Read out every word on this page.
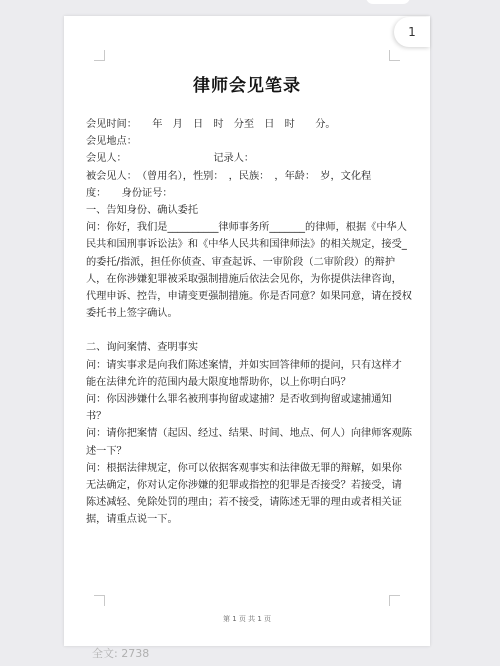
律师会见笔录
会见时间：　　年　月　日　时　分至　日　时　　分。
会见地点：
会见人：　　　　　　　　　记录人：
被会见人：　（曾用名），性别：　，民族：　，年龄：　岁，文化程
度：　　身份证号：
一、告知身份、确认委托
问：你好，我们是__________律师事务所_______的律师，根据《中华人
民共和国刑事诉讼法》和《中华人民共和国律师法》的相关规定，接受_
的委托/指派，担任你侦查、审查起诉、一审阶段（二审阶段）的辩护
人，在你涉嫌犯罪被采取强制措施后依法会见你，为你提供法律咨询，
代理申诉、控告，申请变更强制措施。你是否同意？如果同意，请在授权
委托书上签字确认。
二、询问案情、查明事实
问：请实事求是向我们陈述案情，并如实回答律师的提问，只有这样才
能在法律允许的范围内最大限度地帮助你，以上你明白吗？
问：你因涉嫌什么罪名被刑事拘留或逮捕？是否收到拘留或逮捕通知
书？
问：请你把案情（起因、经过、结果、时间、地点、何人）向律师客观陈
述一下？
问：根据法律规定，你可以依据客观事实和法律做无罪的辩解，如果你
无法确定，你对认定你涉嫌的犯罪或指控的犯罪是否接受？若接受，请
陈述减轻、免除处罚的理由；若不接受，请陈述无罪的理由或者相关证
据，请重点说一下。
第 1 页 共 1 页
1
全文: 2738
